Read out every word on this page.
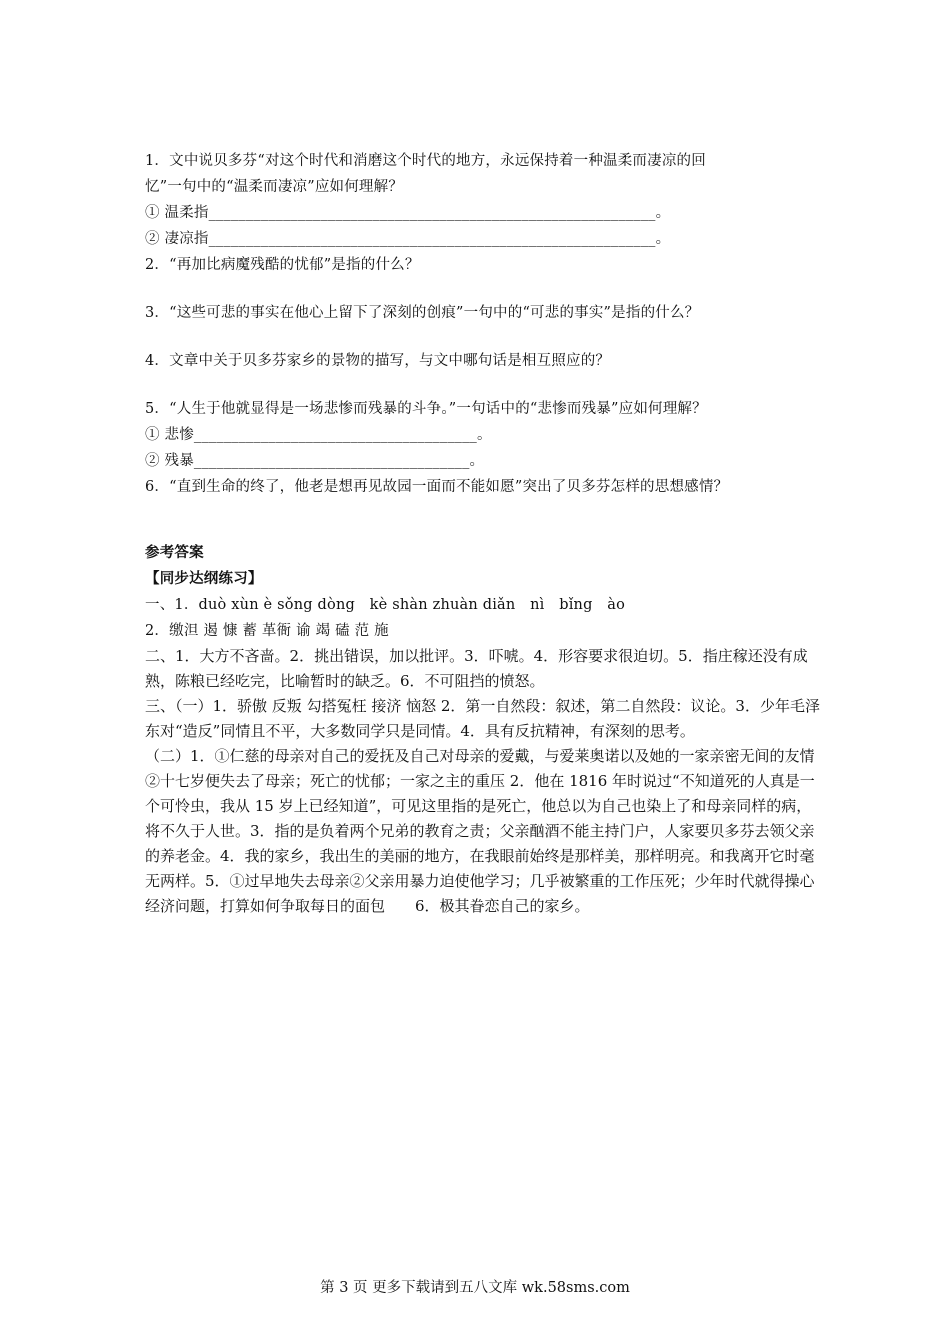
1．文中说贝多芬“对这个时代和消磨这个时代的地方，永远保持着一种温柔而凄凉的回
忆”一句中的“温柔而凄凉”应如何理解？
① 温柔指____________________________________________________________。
② 凄凉指____________________________________________________________。
2．“再加比病魔残酷的忧郁”是指的什么？
3．“这些可悲的事实在他心上留下了深刻的创痕”一句中的“可悲的事实”是指的什么？
4．文章中关于贝多芬家乡的景物的描写，与文中哪句话是相互照应的？
5．“人生于他就显得是一场悲惨而残暴的斗争。”一句话中的“悲惨而残暴”应如何理解？
① 悲惨______________________________________。
② 残暴_____________________________________。
6．“直到生命的终了，他老是想再见故园一面而不能如愿”突出了贝多芬怎样的思想感情？
参考答案
【同步达纲练习】
一、1．duò xùn è sǒng dòng　kè shàn zhuàn diǎn　nì　bǐng　ào
2．缴泹 遏 慷 蓄 革衙 谕 竭 磕 范 施
二、1．大方不吝啬。2．挑出错误，加以批评。3．吓唬。4．形容要求很迫切。5．指庄稼还没有成熟，陈粮已经吃完，比喻暂时的缺乏。6．不可阻挡的愤怒。
三、（一）1．骄傲 反叛 勾搭冤枉 接济 恼怒 2．第一自然段：叙述，第二自然段：议论。3．少年毛泽东对“造反”同情且不平，大多数同学只是同情。4．具有反抗精神，有深刻的思考。
（二）1．①仁慈的母亲对自己的爱抚及自己对母亲的爱戴，与爱莱奥诺以及她的一家亲密无间的友情②十七岁便失去了母亲；死亡的忧郁；一家之主的重压 2．他在 1816 年时说过“不知道死的人真是一个可怜虫，我从 15 岁上已经知道”，可见这里指的是死亡，他总以为自己也染上了和母亲同样的病，将不久于人世。3．指的是负着两个兄弟的教育之责；父亲酗酒不能主持门户，人家要贝多芬去领父亲的养老金。4．我的家乡，我出生的美丽的地方，在我眼前始终是那样美，那样明亮。和我离开它时毫无两样。5．①过早地失去母亲②父亲用暴力迫使他学习；几乎被繁重的工作压死；少年时代就得操心经济问题，打算如何争取每日的面包　　6．极其眷恋自己的家乡。
第 3 页 更多下载请到五八文库 wk.58sms.com
